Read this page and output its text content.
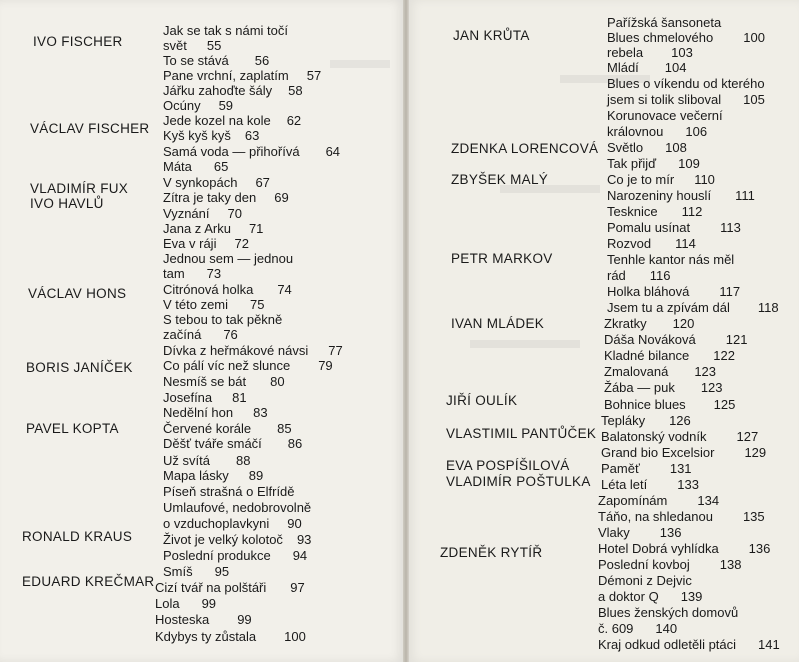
IVO FISCHER
VÁCLAV FISCHER
VLADIMÍR FUX
IVO HAVLŮ
VÁCLAV HONS
BORIS JANÍČEK
PAVEL KOPTA
RONALD KRAUS
EDUARD KREČMAR
Jak se tak s námi točí
svět 55
To se stává 56
Pane vrchní, zaplatím 57
Jářku zahoďte šály 58
Ocúny 59
Jede kozel na kole 62
Kyš kyš kyš 63
Samá voda — přihořívá 64
Máta 65
V synkopách 67
Zítra je taky den 69
Vyznání 70
Jana z Arku 71
Eva v ráji 72
Jednou sem — jednou
tam 73
Citrónová holka 74
V této zemi 75
S tebou to tak pěkně
začíná 76
Dívka z heřmákové návsi 77
Co pálí víc než slunce 79
Nesmíš se bát 80
Josefína 81
Nedělní hon 83
Červené korále 85
Děšť tváře smáčí 86
Už svítá 88
Mapa lásky 89
Píseň strašná o Elfrídě
Umlaufové, nedobrovolně
o vzduchoplavkyni 90
Život je velký kolotoč 93
Poslední produkce 94
Smíš 95
Cizí tvář na polštáři 97
Lola 99
Hosteska 99
Kdybys ty zůstala 100
JAN KRŮTA
ZDENKA LORENCOVÁ
ZBYŠEK MALÝ
PETR MARKOV
IVAN MLÁDEK
JIŘÍ OULÍK
VLASTIMIL PANTŮČEK
EVA POSPÍŠILOVÁ
VLADIMÍR POŠTULKA
ZDENĚK RYTÍŘ
Pařížská šansoneta
Blues chmelového 100
rebela 103
Mládí 104
Blues o víkendu od kterého
jsem si tolik sliboval 105
Korunovace večerní
královnou 106
Světlo 108
Tak přijď 109
Co je to mír 110
Narozeniny houslí 111
Tesknice 112
Pomalu usínat 113
Rozvod 114
Tenhle kantor nás měl
rád 116
Holka bláhová 117
Jsem tu a zpívám dál 118
Zkratky 120
Dáša Nováková 121
Kladné bilance 122
Zmalovaná 123
Žába — puk 123
Bohnice blues 125
Tepláky 126
Balatonský vodník 127
Grand bio Excelsior 129
Paměť 131
Léta letí 133
Zapomínám 134
Táňo, na shledanou 135
Vlaky 136
Hotel Dobrá vyhlídka 136
Poslední kovboj 138
Démoni z Dejvic
a doktor Q 139
Blues ženských domovů
č. 609 140
Kraj odkud odletěli ptáci 141
